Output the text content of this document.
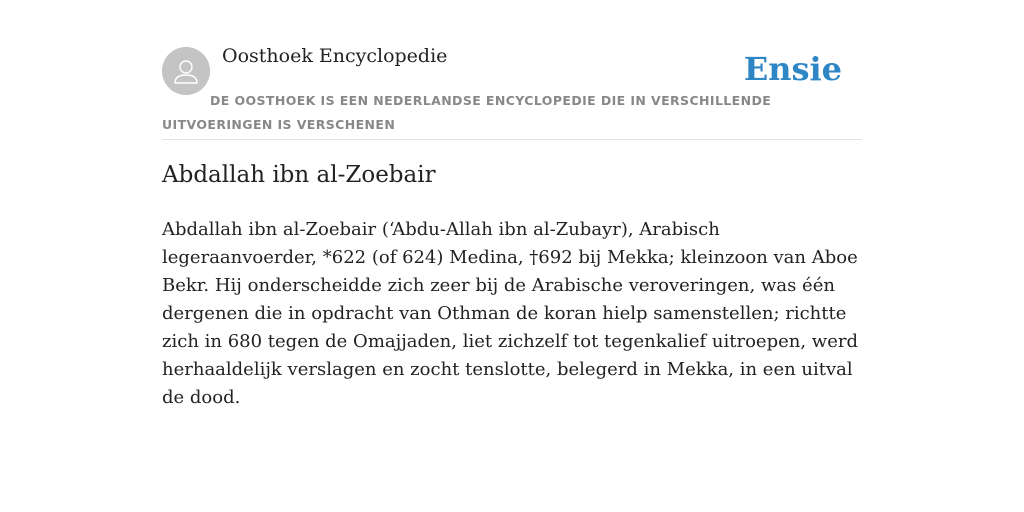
Oosthoek Encyclopedie	Ensie
DE OOSTHOEK IS EEN NEDERLANDSE ENCYCLOPEDIE DIE IN VERSCHILLENDE UITVOERINGEN IS VERSCHENEN
Abdallah ibn al-Zoebair

Abdallah ibn al-Zoebair (ʻAbdu-Allah ibn al-Zubayr), Arabisch legeraanvoerder, *622 (of 624) Medina, †692 bij Mekka; kleinzoon van Aboe Bekr. Hij onderscheidde zich zeer bij de Arabische veroveringen, was één dergenen die in opdracht van Othman de koran hielp samenstellen; richtte zich in 680 tegen de Omajjaden, liet zichzelf tot tegenkalief uitroepen, werd herhaaldelijk verslagen en zocht tenslotte, belegerd in Mekka, in een uitval de dood.
